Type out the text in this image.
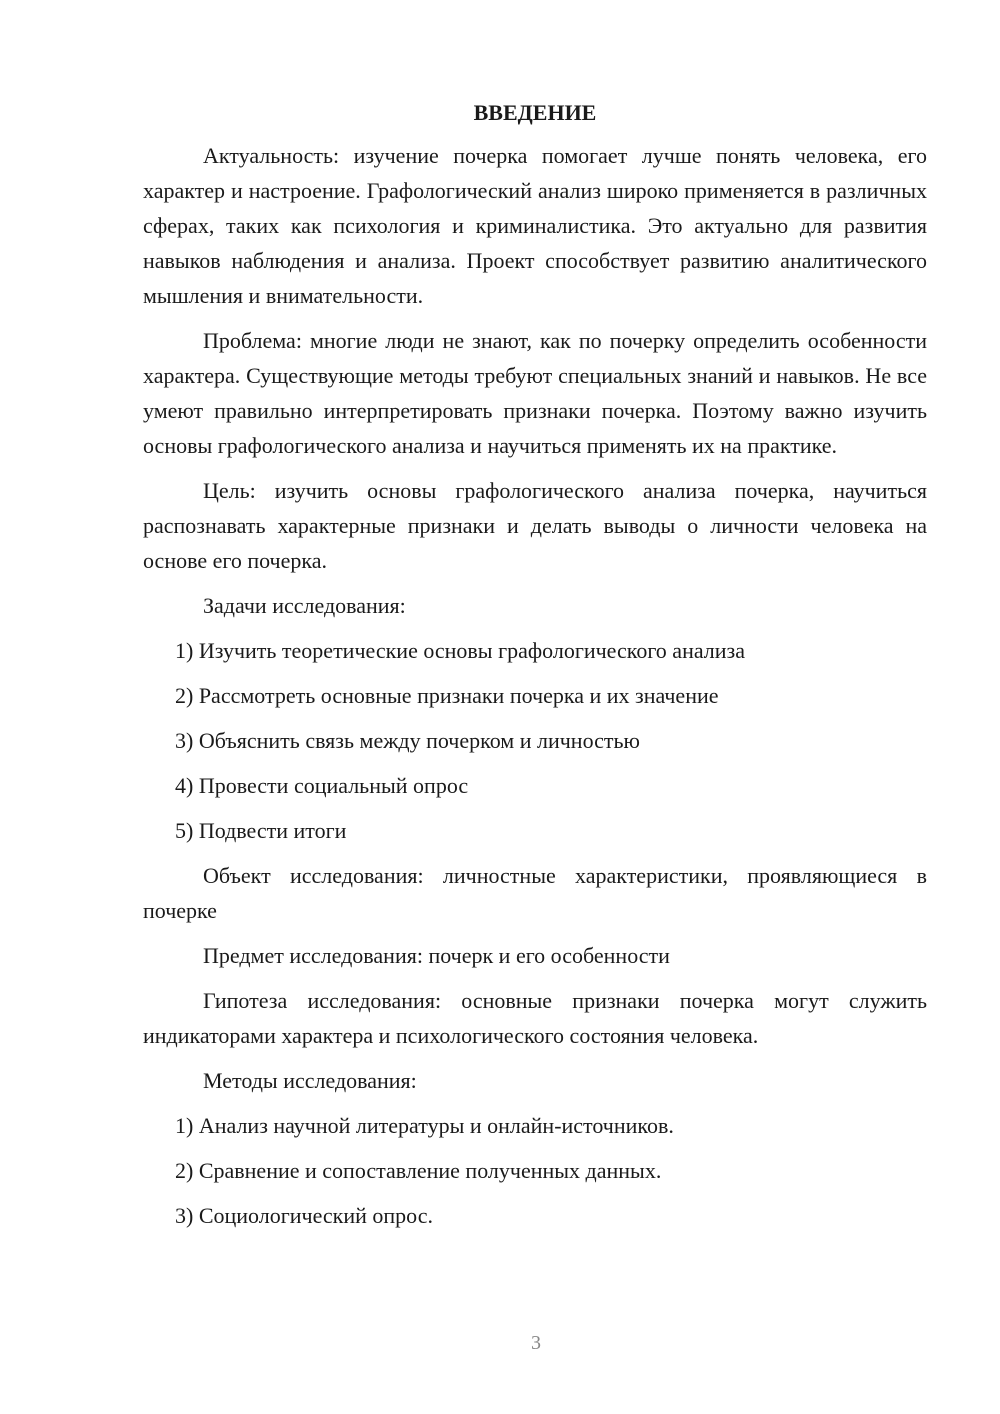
ВВЕДЕНИЕ

Актуальность: изучение почерка помогает лучше понять человека, его характер и настроение. Графологический анализ широко применяется в различных сферах, таких как психология и криминалистика. Это актуально для развития навыков наблюдения и анализа. Проект способствует развитию аналитического мышления и внимательности.

Проблема: многие люди не знают, как по почерку определить особенности характера. Существующие методы требуют специальных знаний и навыков. Не все умеют правильно интерпретировать признаки почерка. Поэтому важно изучить основы графологического анализа и научиться применять их на практике.

Цель: изучить основы графологического анализа почерка, научиться распознавать характерные признаки и делать выводы о личности человека на основе его почерка.

Задачи исследования:

1) Изучить теоретические основы графологического анализа
2) Рассмотреть основные признаки почерка и их значение
3) Объяснить связь между почерком и личностью
4) Провести социальный опрос
5) Подвести итоги

Объект исследования: личностные характеристики, проявляющиеся в почерке

Предмет исследования: почерк и его особенности

Гипотеза исследования: основные признаки почерка могут служить индикаторами характера и психологического состояния человека.

Методы исследования:

1) Анализ научной литературы и онлайн-источников.
2) Сравнение и сопоставление полученных данных.
3) Социологический опрос.
3
